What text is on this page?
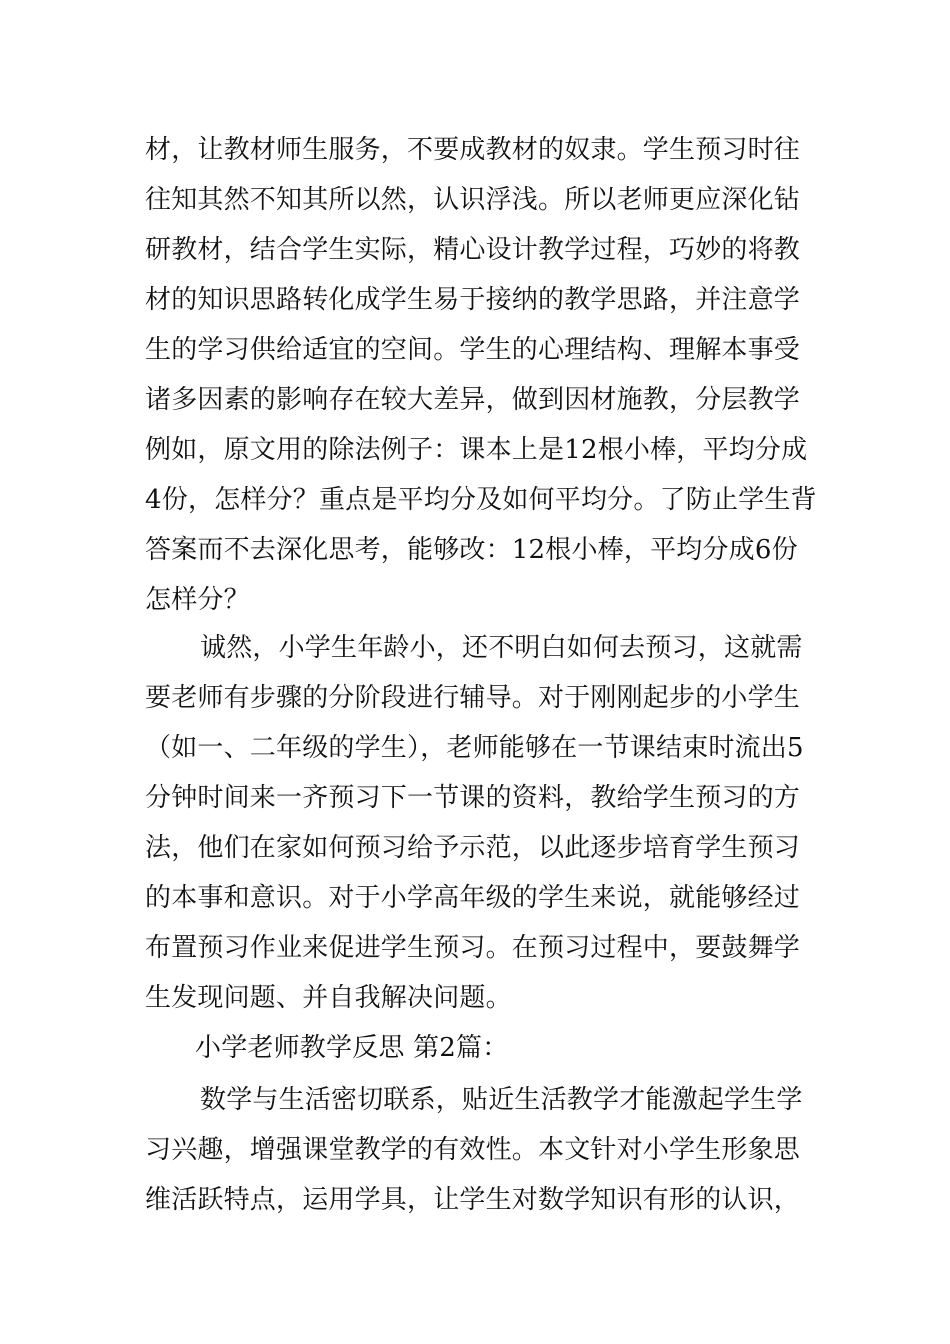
材，让教材师生服务，不要成教材的奴隶。学生预习时往
往知其然不知其所以然，认识浮浅。所以老师更应深化钻
研教材，结合学生实际，精心设计教学过程，巧妙的将教
材的知识思路转化成学生易于接纳的教学思路，并注意学
生的学习供给适宜的空间。学生的心理结构、理解本事受
诸多因素的影响存在较大差异，做到因材施教，分层教学
例如，原文用的除法例子：课本上是12根小棒，平均分成
4份，怎样分？重点是平均分及如何平均分。了防止学生背
答案而不去深化思考，能够改：12根小棒，平均分成6份
怎样分？
诚然，小学生年龄小，还不明白如何去预习，这就需
要老师有步骤的分阶段进行辅导。对于刚刚起步的小学生
（如一、二年级的学生），老师能够在一节课结束时流出5
分钟时间来一齐预习下一节课的资料，教给学生预习的方
法，他们在家如何预习给予示范，以此逐步培育学生预习
的本事和意识。对于小学高年级的学生来说，就能够经过
布置预习作业来促进学生预习。在预习过程中，要鼓舞学
生发现问题、并自我解决问题。
小学老师教学反思 第2篇：
数学与生活密切联系，贴近生活教学才能激起学生学
习兴趣，增强课堂教学的有效性。本文针对小学生形象思
维活跃特点，运用学具，让学生对数学知识有形的认识，
